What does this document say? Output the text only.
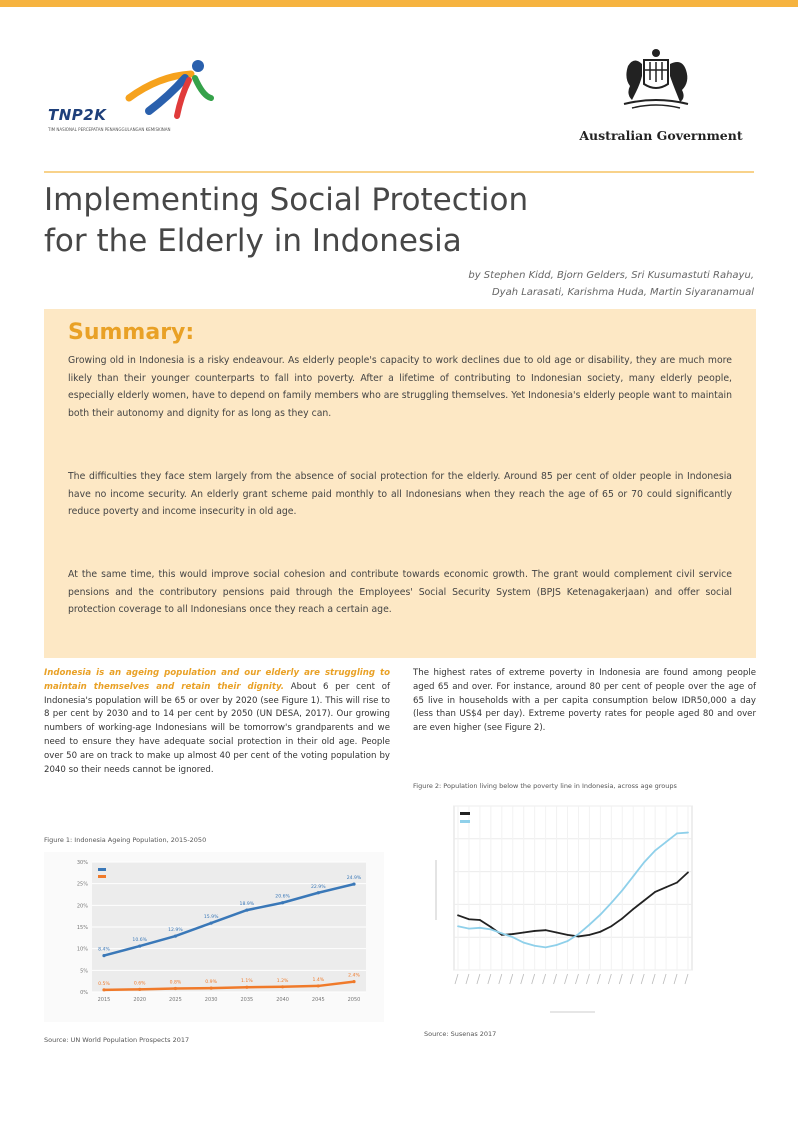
TNP2K
TIM NASIONAL PERCEPATAN PENANGGULANGAN KEMISKINAN	Australian Government
Implementing Social Protection
for the Elderly in Indonesia
by Stephen Kidd, Bjorn Gelders, Sri Kusumastuti Rahayu,
Dyah Larasati, Karishma Huda, Martin Siyaranamual
Summary:

Growing old in Indonesia is a risky endeavour. As elderly people's capacity to work declines due to old age or disability, they are much more likely than their younger counterparts to fall into poverty. After a lifetime of contributing to Indonesian society, many elderly people, especially elderly women, have to depend on family members who are struggling themselves. Yet Indonesia's elderly people want to maintain both their autonomy and dignity for as long as they can.

The difficulties they face stem largely from the absence of social protection for the elderly. Around 85 per cent of older people in Indonesia have no income security. An elderly grant scheme paid monthly to all Indonesians when they reach the age of 65 or 70 could significantly reduce poverty and income insecurity in old age.

At the same time, this would improve social cohesion and contribute towards economic growth. The grant would complement civil service pensions and the contributory pensions paid through the Employees' Social Security System (BPJS Ketenagakerjaan) and offer social protection coverage to all Indonesians once they reach a certain age.

Indonesia is an ageing population and our elderly are struggling to maintain themselves and retain their dignity. About 6 per cent of Indonesia's population will be 65 or over by 2020 (see Figure 1). This will rise to 8 per cent by 2030 and to 14 per cent by 2050 (UN DESA, 2017). Our growing numbers of working-age Indonesians will be tomorrow's grandparents and we need to ensure they have adequate social protection in their old age. People over 50 are on track to make up almost 40 per cent of the voting population by 2040 so their needs cannot be ignored.

The highest rates of extreme poverty in Indonesia are found among people aged 65 and over. For instance, around 80 per cent of people over the age of 65 live in households with a per capita consumption below IDR50,000 a day (less than US$4 per day). Extreme poverty rates for people aged 80 and over are even higher (see Figure 2).

Figure 1: Indonesia Ageing Population, 2015-2050
0%
5%
10%
15%
20%
25%
30%
2015	2020	2025	2030	2035	2040	2045	2050
8.4%
10.6%
12.9%
15.9%
18.9%
20.6%
22.9%
24.9%
0.5%	0.6%	0.8%	0.9%	1.1%	1.2%	1.4%
2.4%
Source: UN World Population Prospects 2017
Figure 2: Population living below the poverty line in Indonesia, across age groups
Source: Susenas 2017
